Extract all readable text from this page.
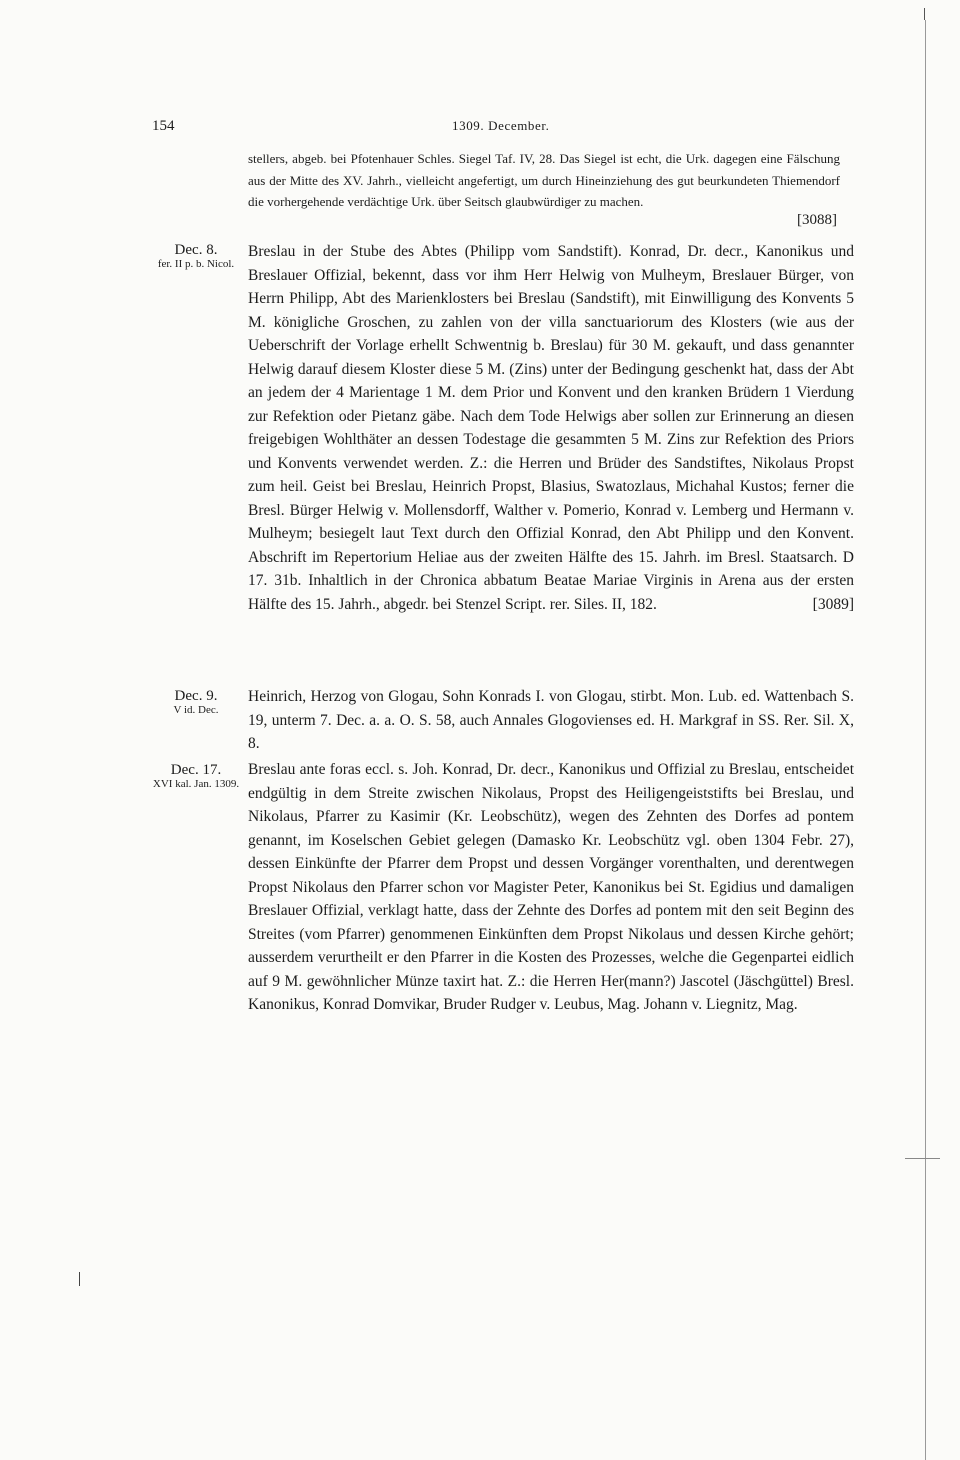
154	1309. December.
stellers, abgeb. bei Pfotenhauer Schles. Siegel Taf. IV, 28. Das Siegel ist echt, die Urk. dagegen eine Fälschung aus der Mitte des XV. Jahrh., vielleicht angefertigt, um durch Hineinziehung des gut beurkundeten Thiemendorf die vorhergehende verdächtige Urk. über Seitsch glaubwürdiger zu machen.
[3088]
Dec. 8.
fer. II p. b. Nicol.
Breslau in der Stube des Abtes (Philipp vom Sandstift). Konrad, Dr. decr., Kanonikus und Breslauer Offizial, bekennt, dass vor ihm Herr Helwig von Mulheym, Breslauer Bürger, von Herrn Philipp, Abt des Marienklosters bei Breslau (Sandstift), mit Einwilligung des Konvents 5 M. königliche Groschen, zu zahlen von der villa sanctuariorum des Klosters (wie aus der Ueberschrift der Vorlage erhellt Schwentnig b. Breslau) für 30 M. gekauft, und dass genannter Helwig darauf diesem Kloster diese 5 M. (Zins) unter der Bedingung geschenkt hat, dass der Abt an jedem der 4 Marientage 1 M. dem Prior und Konvent und den kranken Brüdern 1 Vierdung zur Refektion oder Pietanz gäbe. Nach dem Tode Helwigs aber sollen zur Erinnerung an diesen freigebigen Wohlthäter an dessen Todestage die gesammten 5 M. Zins zur Refektion des Priors und Konvents verwendet werden. Z.: die Herren und Brüder des Sandstiftes, Nikolaus Propst zum heil. Geist bei Breslau, Heinrich Propst, Blasius, Swatozlaus, Michahal Kustos; ferner die Bresl. Bürger Helwig v. Mollensdorff, Walther v. Pomerio, Konrad v. Lemberg und Hermann v. Mulheym; besiegelt laut Text durch den Offizial Konrad, den Abt Philipp und den Konvent. Abschrift im Repertorium Heliae aus der zweiten Hälfte des 15. Jahrh. im Bresl. Staatsarch. D 17. 31b. Inhaltlich in der Chronica abbatum Beatae Mariae Virginis in Arena aus der ersten Hälfte des 15. Jahrh., abgedr. bei Stenzel Script. rer. Siles. II, 182.	[3089]
Dec. 9.
V id. Dec.
Heinrich, Herzog von Glogau, Sohn Konrads I. von Glogau, stirbt. Mon. Lub. ed. Wattenbach S. 19, unterm 7. Dec. a. a. O. S. 58, auch Annales Glogovienses ed. H. Markgraf in SS. Rer. Sil. X, 8.
Dec. 17.
XVI kal. Jan. 1309.
Breslau ante foras eccl. s. Joh. Konrad, Dr. decr., Kanonikus und Offizial zu Breslau, entscheidet endgültig in dem Streite zwischen Nikolaus, Propst des Heiligengeiststifts bei Breslau, und Nikolaus, Pfarrer zu Kasimir (Kr. Leobschütz), wegen des Zehnten des Dorfes ad pontem genannt, im Koselschen Gebiet gelegen (Damasko Kr. Leobschütz vgl. oben 1304 Febr. 27), dessen Einkünfte der Pfarrer dem Propst und dessen Vorgänger vorenthalten, und derentwegen Propst Nikolaus den Pfarrer schon vor Magister Peter, Kanonikus bei St. Egidius und damaligen Breslauer Offizial, verklagt hatte, dass der Zehnte des Dorfes ad pontem mit den seit Beginn des Streites (vom Pfarrer) genommenen Einkünften dem Propst Nikolaus und dessen Kirche gehört; ausserdem verurtheilt er den Pfarrer in die Kosten des Prozesses, welche die Gegenpartei eidlich auf 9 M. gewöhnlicher Münze taxirt hat. Z.: die Herren Her(mann?) Jascotel (Jäschgüttel) Bresl. Kanonikus, Konrad Domvikar, Bruder Rudger v. Leubus, Mag. Johann v. Liegnitz, Mag.
